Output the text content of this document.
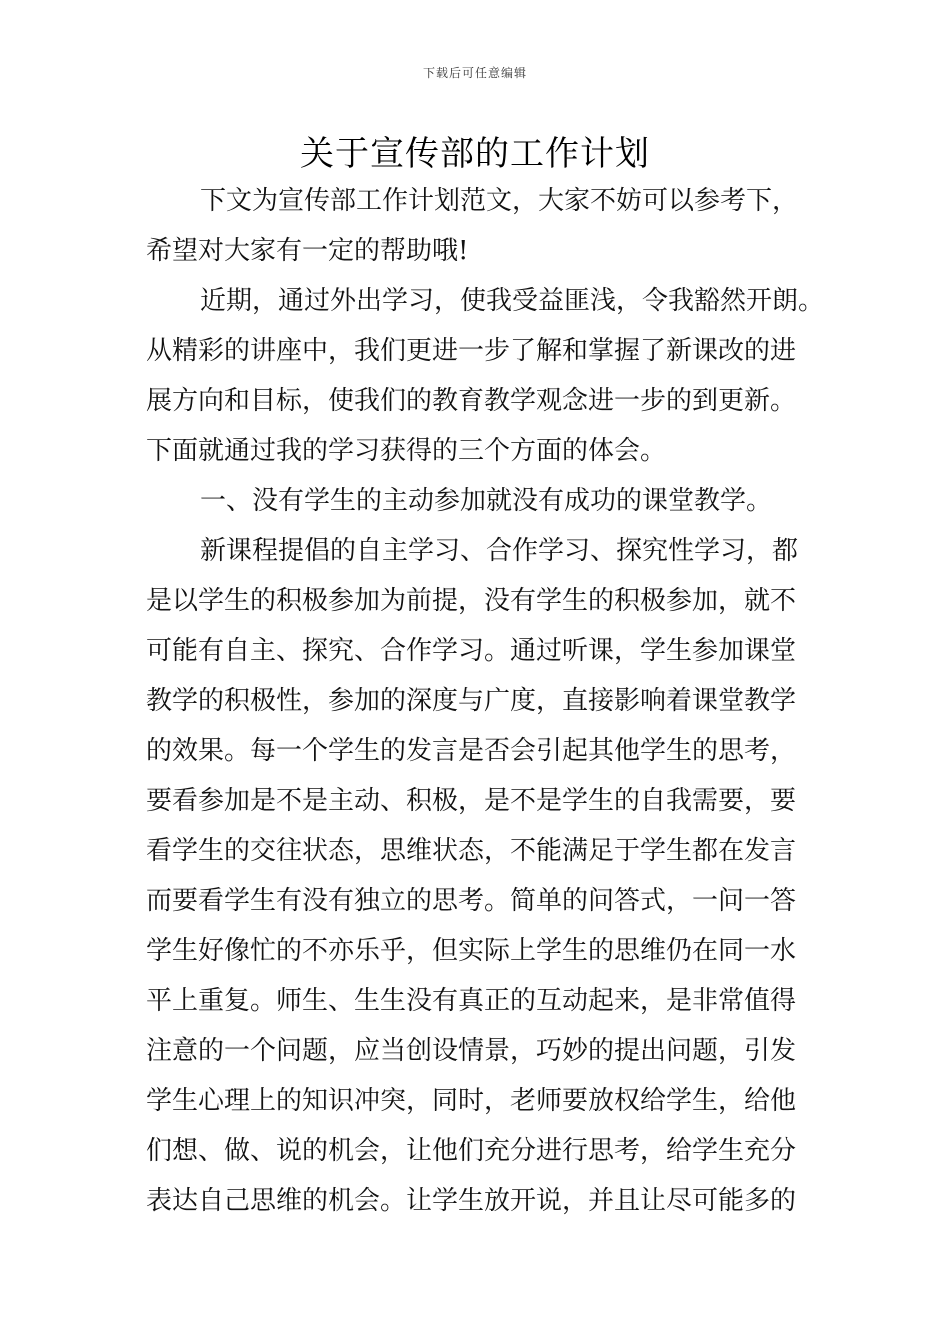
下载后可任意编辑
关于宣传部的工作计划
下文为宣传部工作计划范文，大家不妨可以参考下，
希望对大家有一定的帮助哦!
近期，通过外出学习，使我受益匪浅，令我豁然开朗。
从精彩的讲座中，我们更进一步了解和掌握了新课改的进
展方向和目标，使我们的教育教学观念进一步的到更新。
下面就通过我的学习获得的三个方面的体会。
一、没有学生的主动参加就没有成功的课堂教学。
新课程提倡的自主学习、合作学习、探究性学习，都
是以学生的积极参加为前提，没有学生的积极参加，就不
可能有自主、探究、合作学习。通过听课，学生参加课堂
教学的积极性，参加的深度与广度，直接影响着课堂教学
的效果。每一个学生的发言是否会引起其他学生的思考，
要看参加是不是主动、积极，是不是学生的自我需要，要
看学生的交往状态，思维状态，不能满足于学生都在发言
而要看学生有没有独立的思考。简单的问答式，一问一答
学生好像忙的不亦乐乎，但实际上学生的思维仍在同一水
平上重复。师生、生生没有真正的互动起来，是非常值得
注意的一个问题，应当创设情景，巧妙的提出问题，引发
学生心理上的知识冲突，同时，老师要放权给学生，给他
们想、做、说的机会，让他们充分进行思考，给学生充分
表达自己思维的机会。让学生放开说，并且让尽可能多的
